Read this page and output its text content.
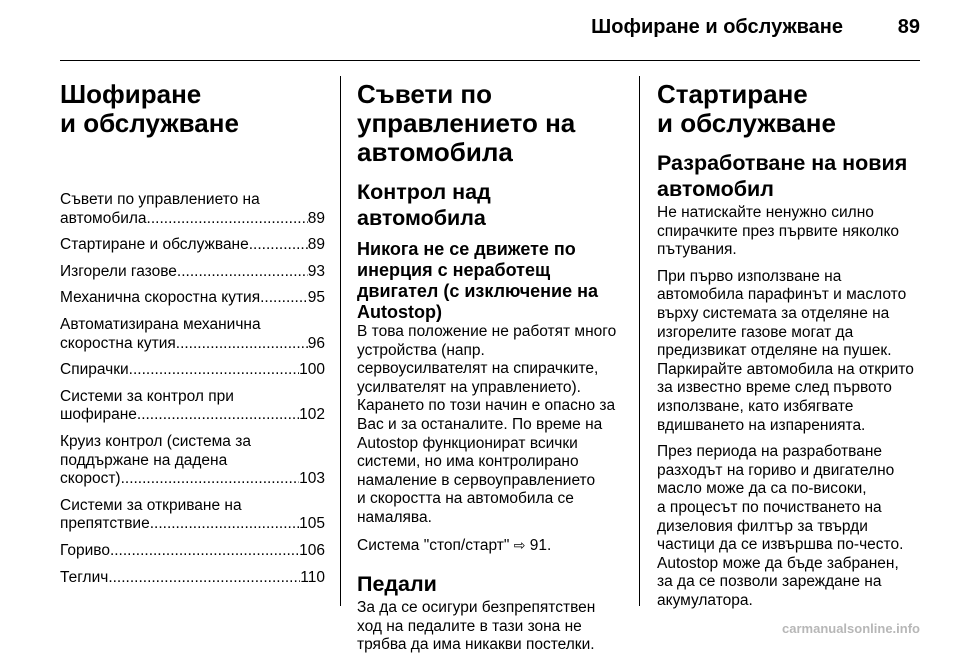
Шофиране и обслужване	89
Шофиране
и обслужване
Съвети по управлението на
автомобила .....	89
Стартиране и обслужване .....	89
Изгорели газове .....	93
Механична скоростна кутия .....	95
Автоматизирана механична
скоростна кутия .....	96
Спирачки .....	100
Системи за контрол при
шофиране .....	102
Круиз контрол (система за
поддържане на дадена
скорост) .....	103
Системи за откриване на
препятствие .....	105
Гориво .....	106
Теглич .....	110
Съвети по
управлението на
автомобила
Контрол над автомобила
Никога не се движете по
инерция с неработещ
двигател (с изключение на
Autostop)

В това положение не работят много
устройства (напр.
сервоусилвателят на спирачките,
усилвателят на управлението).
Карането по този начин е опасно за
Вас и за останалите. По време на
Autostop функционират всички
системи, но има контролирано
намаление в сервоуправлението
и скоростта на автомобила се
намалява.

Система "стоп/старт" ⇨ 91.

Педали

За да се осигури безпрепятствен
ход на педалите в тази зона не
трябва да има никакви постелки.

Стартиране
и обслужване
Разработване на новия
автомобил

Не натискайте ненужно силно
спирачките през първите няколко
пътувания.

При първо използване на
автомобила парафинът и маслото
върху системата за отделяне на
изгорелите газове могат да
предизвикат отделяне на пушек.
Паркирайте автомобила на открито
за известно време след първото
използване, като избягвате
вдишването на изпаренията.

През периода на разработване
разходът на гориво и двигателно
масло може да са по-високи,
а процесът по почистването на
дизеловия филтър за твърди
частици да се извършва по-често.
Autostop може да бъде забранен,
за да се позволи зареждане на
акумулатора.

carmanualsonline.info
